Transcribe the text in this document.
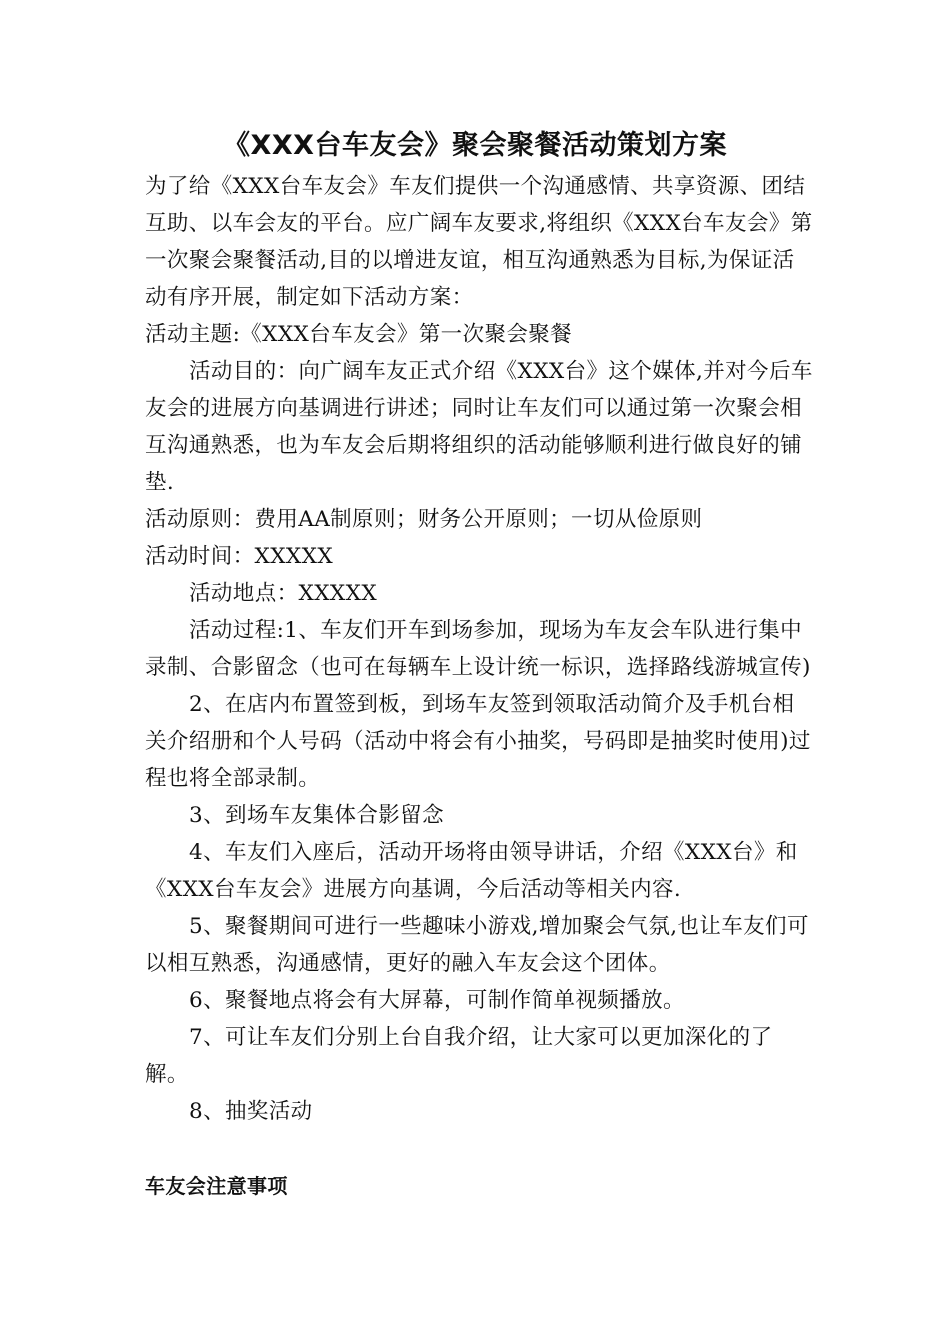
《XXX台车友会》聚会聚餐活动策划方案

为了给《XXX台车友会》车友们提供一个沟通感情、共享资源、团结互助、以车会友的平台。应广阔车友要求,将组织《XXX台车友会》第一次聚会聚餐活动,目的以增进友谊，相互沟通熟悉为目标,为保证活动有序开展，制定如下活动方案：

活动主题:《XXX台车友会》第一次聚会聚餐

活动目的：向广阔车友正式介绍《XXX台》这个媒体,并对今后车友会的进展方向基调进行讲述；同时让车友们可以通过第一次聚会相互沟通熟悉，也为车友会后期将组织的活动能够顺利进行做良好的铺垫.

活动原则：费用AA制原则；财务公开原则；一切从俭原则

活动时间：XXXXX

活动地点：XXXXX

活动过程:1、车友们开车到场参加，现场为车友会车队进行集中录制、合影留念（也可在每辆车上设计统一标识，选择路线游城宣传)

2、在店内布置签到板，到场车友签到领取活动简介及手机台相关介绍册和个人号码（活动中将会有小抽奖，号码即是抽奖时使用)过程也将全部录制。

3、到场车友集体合影留念

4、车友们入座后，活动开场将由领导讲话，介绍《XXX台》和《XXX台车友会》进展方向基调，今后活动等相关内容.

5、聚餐期间可进行一些趣味小游戏,增加聚会气氛,也让车友们可以相互熟悉，沟通感情，更好的融入车友会这个团体。

6、聚餐地点将会有大屏幕，可制作简单视频播放。

7、可让车友们分别上台自我介绍，让大家可以更加深化的了解。

8、抽奖活动

车友会注意事项
